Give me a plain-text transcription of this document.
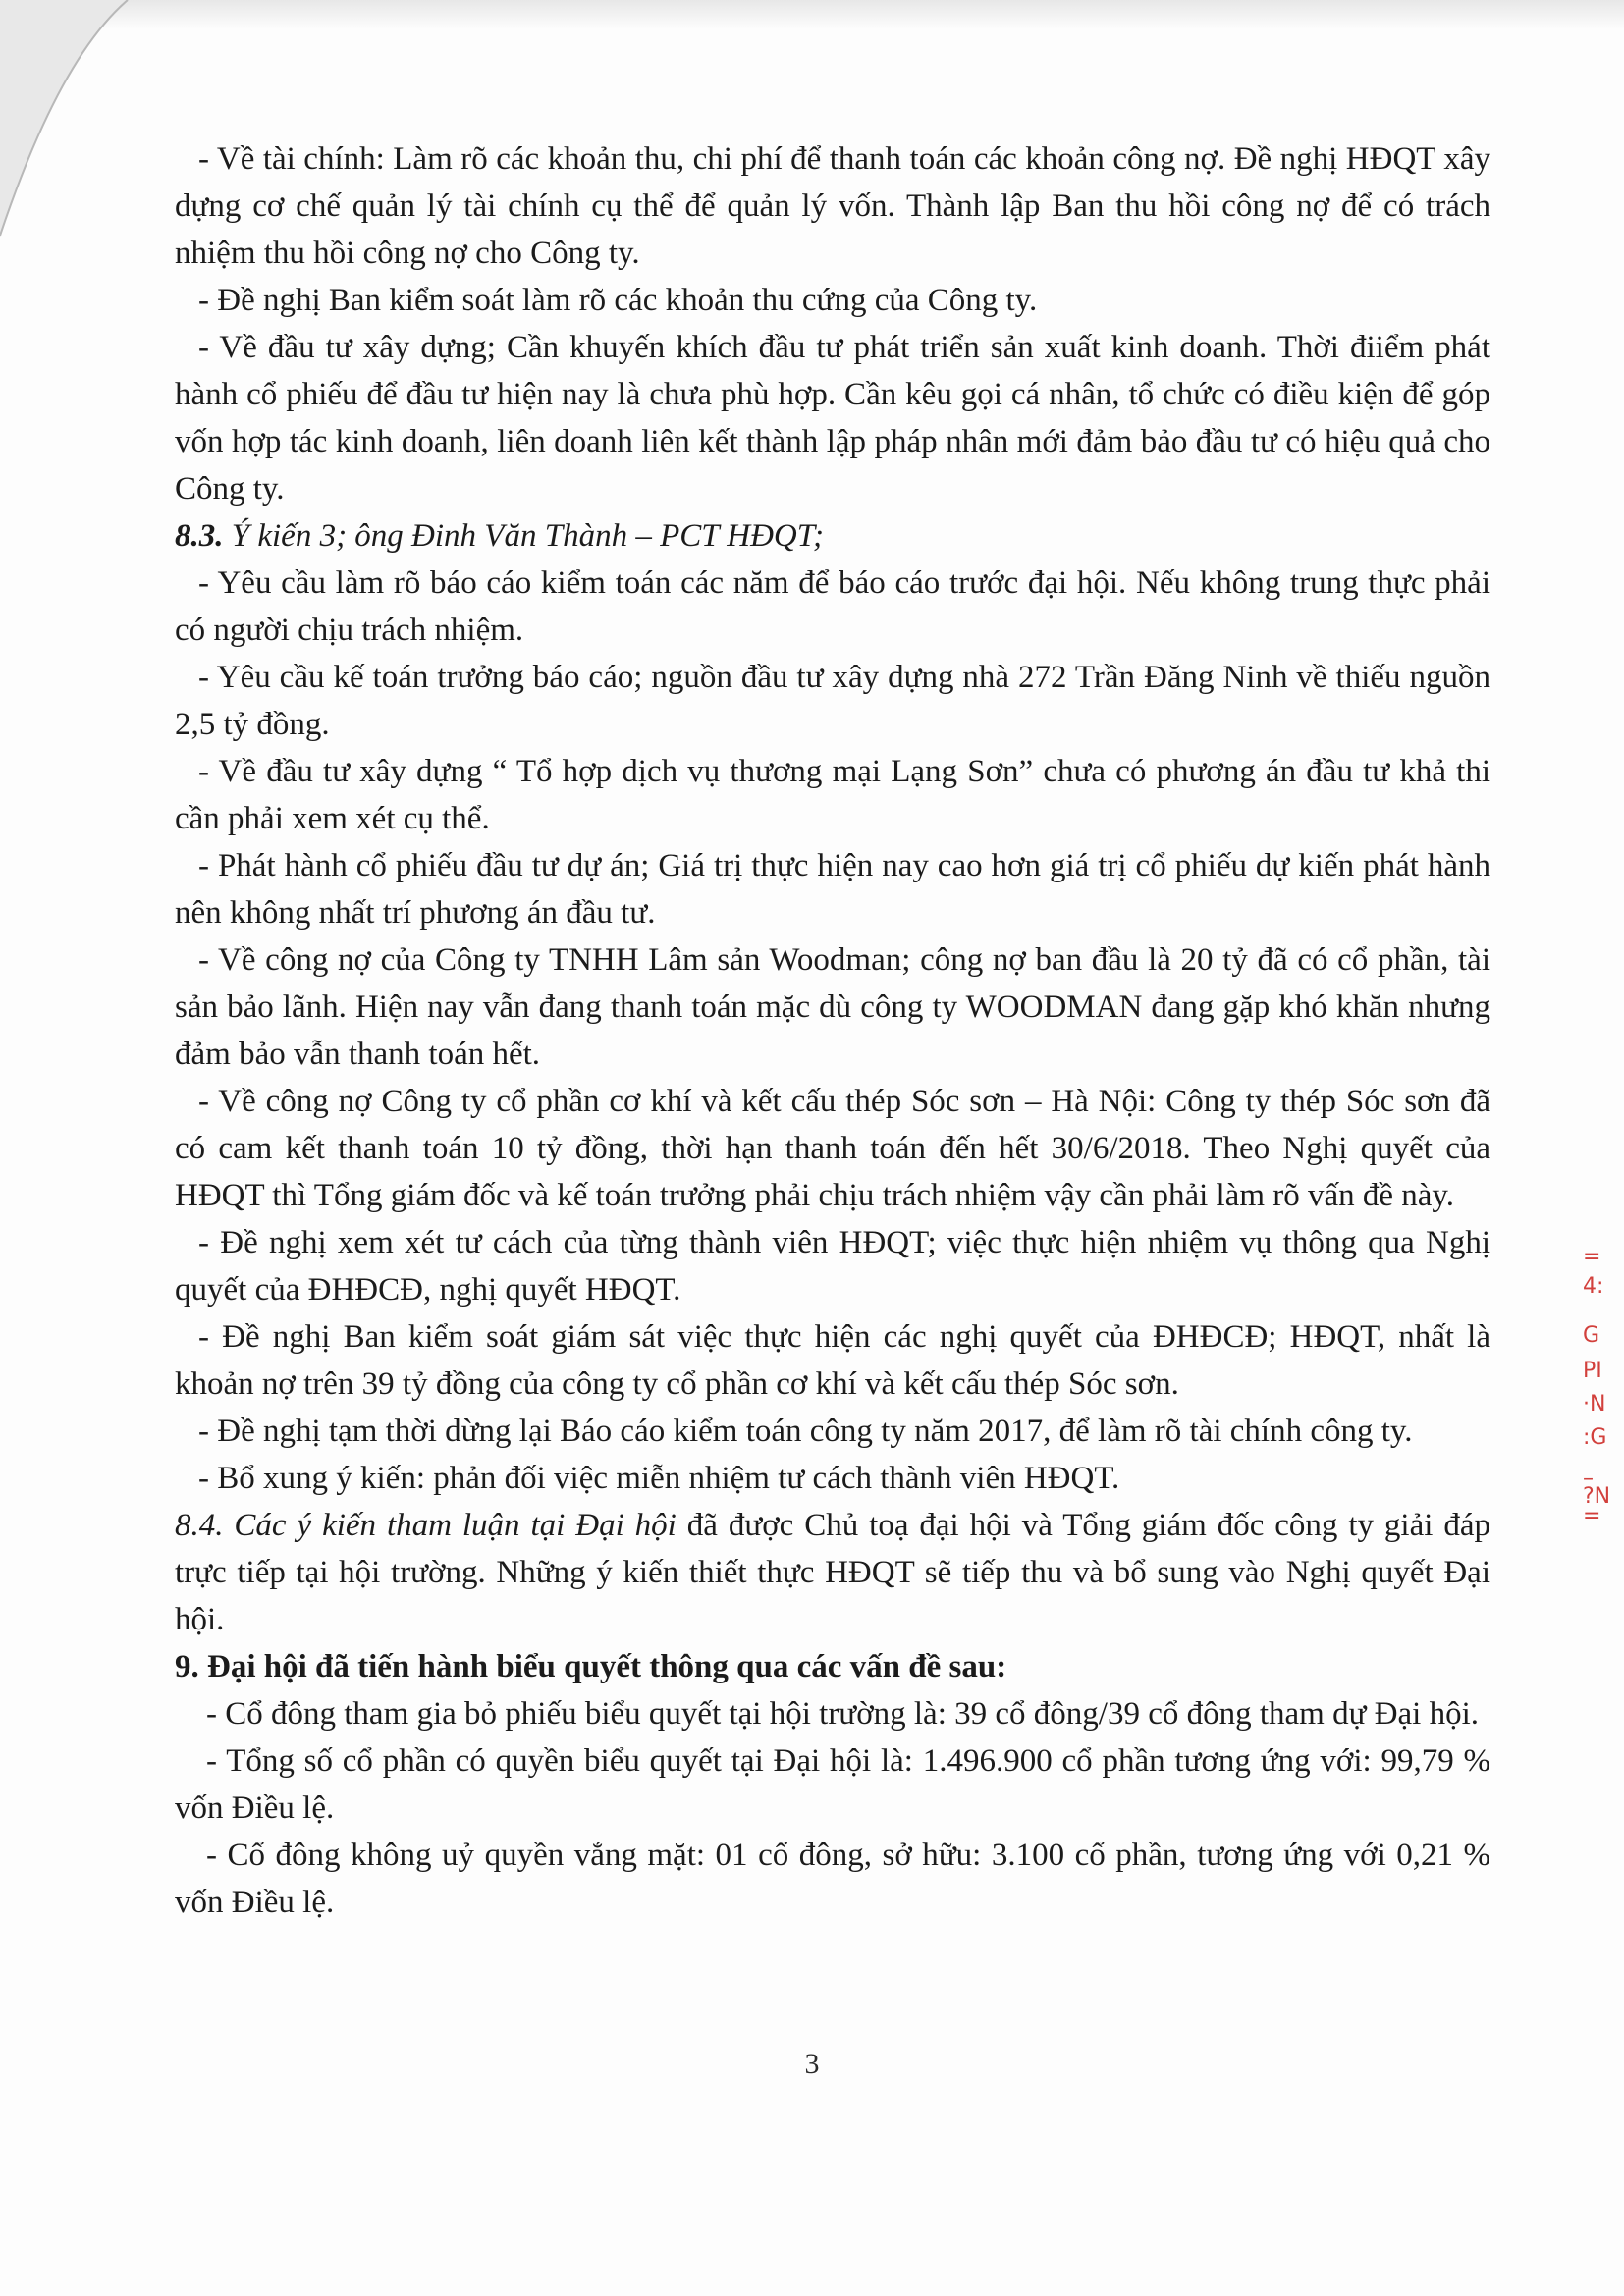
- Về tài chính: Làm rõ các khoản thu, chi phí để thanh toán các khoản công nợ. Đề nghị HĐQT xây dựng cơ chế quản lý tài chính cụ thể để quản lý vốn. Thành lập Ban thu hồi công nợ để có trách nhiệm thu hồi công nợ cho Công ty.

- Đề nghị Ban kiểm soát làm rõ các khoản thu cứng của Công ty.

- Về đầu tư xây dựng; Cần khuyến khích đầu tư phát triển sản xuất kinh doanh. Thời điiểm phát hành cổ phiếu để đầu tư hiện nay là chưa phù hợp. Cần kêu gọi cá nhân, tổ chức có điều kiện để góp vốn hợp tác kinh doanh, liên doanh liên kết thành lập pháp nhân mới đảm bảo đầu tư có hiệu quả cho Công ty.

8.3. Ý kiến 3; ông Đinh Văn Thành – PCT HĐQT;

- Yêu cầu làm rõ báo cáo kiểm toán các năm để báo cáo trước đại hội. Nếu không trung thực phải có người chịu trách nhiệm.

- Yêu cầu kế toán trưởng báo cáo; nguồn đầu tư xây dựng nhà 272 Trần Đăng Ninh về thiếu nguồn 2,5 tỷ đồng.

- Về đầu tư xây dựng “ Tổ hợp dịch vụ thương mại Lạng Sơn” chưa có phương án đầu tư khả thi cần phải xem xét cụ thể.

- Phát hành cổ phiếu đầu tư dự án; Giá trị thực hiện nay cao hơn giá trị cổ phiếu dự kiến phát hành nên không nhất trí phương án đầu tư.

- Về công nợ của Công ty TNHH Lâm sản Woodman; công nợ ban đầu là 20 tỷ đã có cổ phần, tài sản bảo lãnh. Hiện nay vẫn đang thanh toán mặc dù công ty WOODMAN đang gặp khó khăn nhưng đảm bảo vẫn thanh toán hết.

- Về công nợ Công ty cổ phần cơ khí và kết cấu thép Sóc sơn – Hà Nội: Công ty thép Sóc sơn đã có cam kết thanh toán 10 tỷ đồng, thời hạn thanh toán đến hết 30/6/2018. Theo Nghị quyết của HĐQT thì Tổng giám đốc và kế toán trưởng phải chịu trách nhiệm vậy cần phải làm rõ vấn đề này.

- Đề nghị xem xét tư cách của từng thành viên HĐQT; việc thực hiện nhiệm vụ thông qua Nghị quyết của ĐHĐCĐ, nghị quyết HĐQT.

- Đề nghị Ban kiểm soát giám sát việc thực hiện các nghị quyết của ĐHĐCĐ; HĐQT, nhất là khoản nợ trên 39 tỷ đồng của công ty cổ phần cơ khí và kết cấu thép Sóc sơn.

- Đề nghị tạm thời dừng lại Báo cáo kiểm toán công ty năm 2017, để làm rõ tài chính công ty.

- Bổ xung ý kiến: phản đối việc miễn nhiệm tư cách thành viên HĐQT.

8.4. Các ý kiến tham luận tại Đại hội đã được Chủ toạ đại hội và Tổng giám đốc công ty giải đáp trực tiếp tại hội trường. Những ý kiến thiết thực HĐQT sẽ tiếp thu và bổ sung vào Nghị quyết Đại hội.

9. Đại hội đã tiến hành biểu quyết thông qua các vấn đề sau:

- Cổ đông tham gia bỏ phiếu biểu quyết tại hội trường là: 39 cổ đông/39 cổ đông tham dự Đại hội.

- Tổng số cổ phần có quyền biểu quyết tại Đại hội là: 1.496.900 cổ phần tương ứng với: 99,79 % vốn Điều lệ.

- Cổ đông không uỷ quyền vắng mặt: 01 cổ đông, sở hữu: 3.100 cổ phần, tương ứng với 0,21 % vốn Điều lệ.

3
=
4:
G
PI
·N
:G
–
?N
=
